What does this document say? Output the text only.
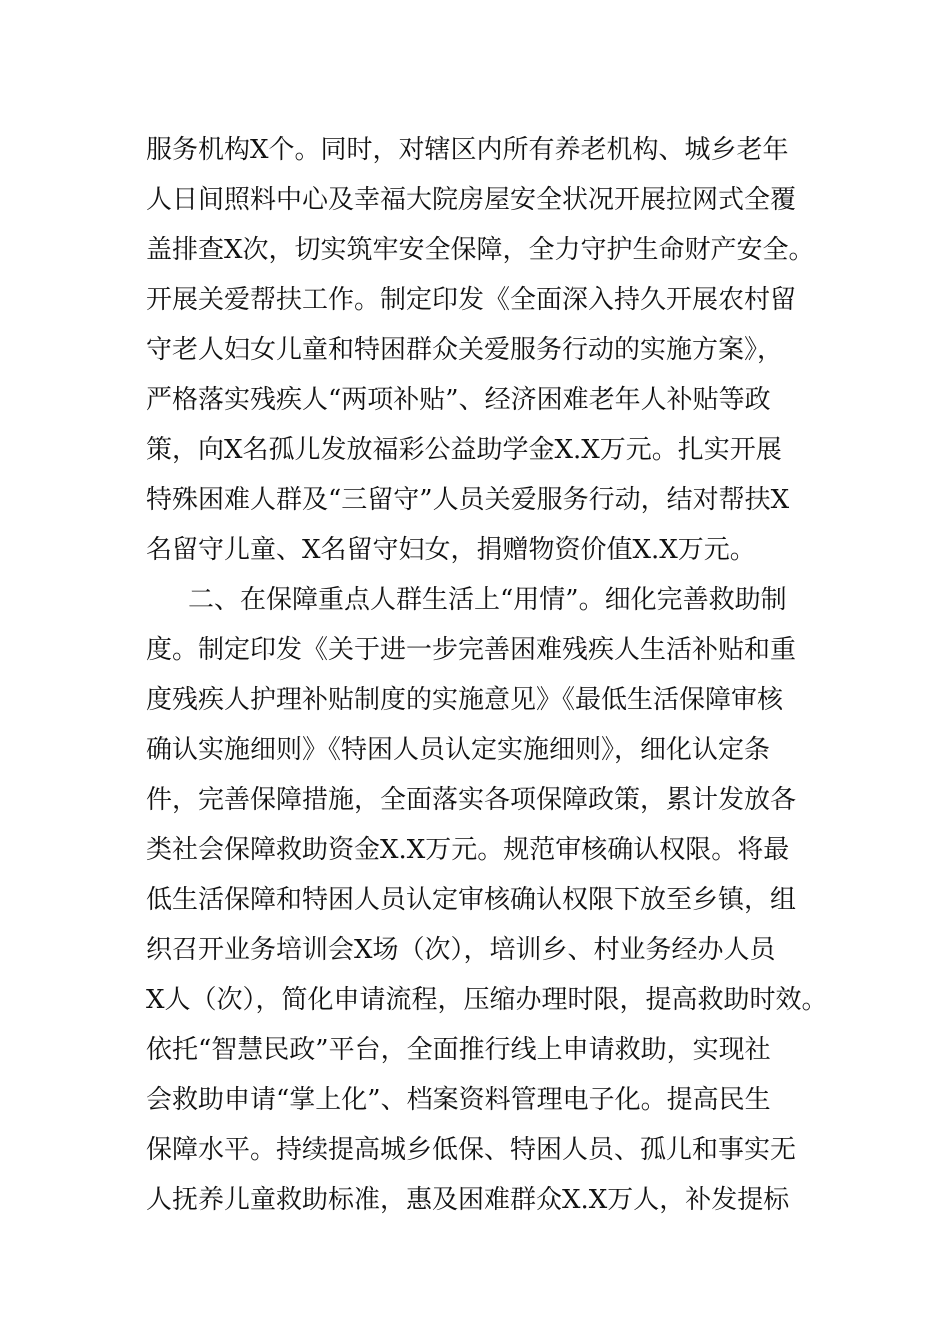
服务机构X个。同时，对辖区内所有养老机构、城乡老年
人日间照料中心及幸福大院房屋安全状况开展拉网式全覆
盖排查X次，切实筑牢安全保障，全力守护生命财产安全。
开展关爱帮扶工作。制定印发《全面深入持久开展农村留
守老人妇女儿童和特困群众关爱服务行动的实施方案》，
严格落实残疾人“两项补贴”、经济困难老年人补贴等政
策，向X名孤儿发放福彩公益助学金X.X万元。扎实开展
特殊困难人群及“三留守”人员关爱服务行动，结对帮扶X
名留守儿童、X名留守妇女，捐赠物资价值X.X万元。
二、在保障重点人群生活上“用情”。细化完善救助制
度。制定印发《关于进一步完善困难残疾人生活补贴和重
度残疾人护理补贴制度的实施意见》《最低生活保障审核
确认实施细则》《特困人员认定实施细则》，细化认定条
件，完善保障措施，全面落实各项保障政策，累计发放各
类社会保障救助资金X.X万元。规范审核确认权限。将最
低生活保障和特困人员认定审核确认权限下放至乡镇，组
织召开业务培训会X场（次），培训乡、村业务经办人员
X人（次），简化申请流程，压缩办理时限，提高救助时效。
依托“智慧民政”平台，全面推行线上申请救助，实现社
会救助申请“掌上化”、档案资料管理电子化。提高民生
保障水平。持续提高城乡低保、特困人员、孤儿和事实无
人抚养儿童救助标准，惠及困难群众X.X万人，补发提标
